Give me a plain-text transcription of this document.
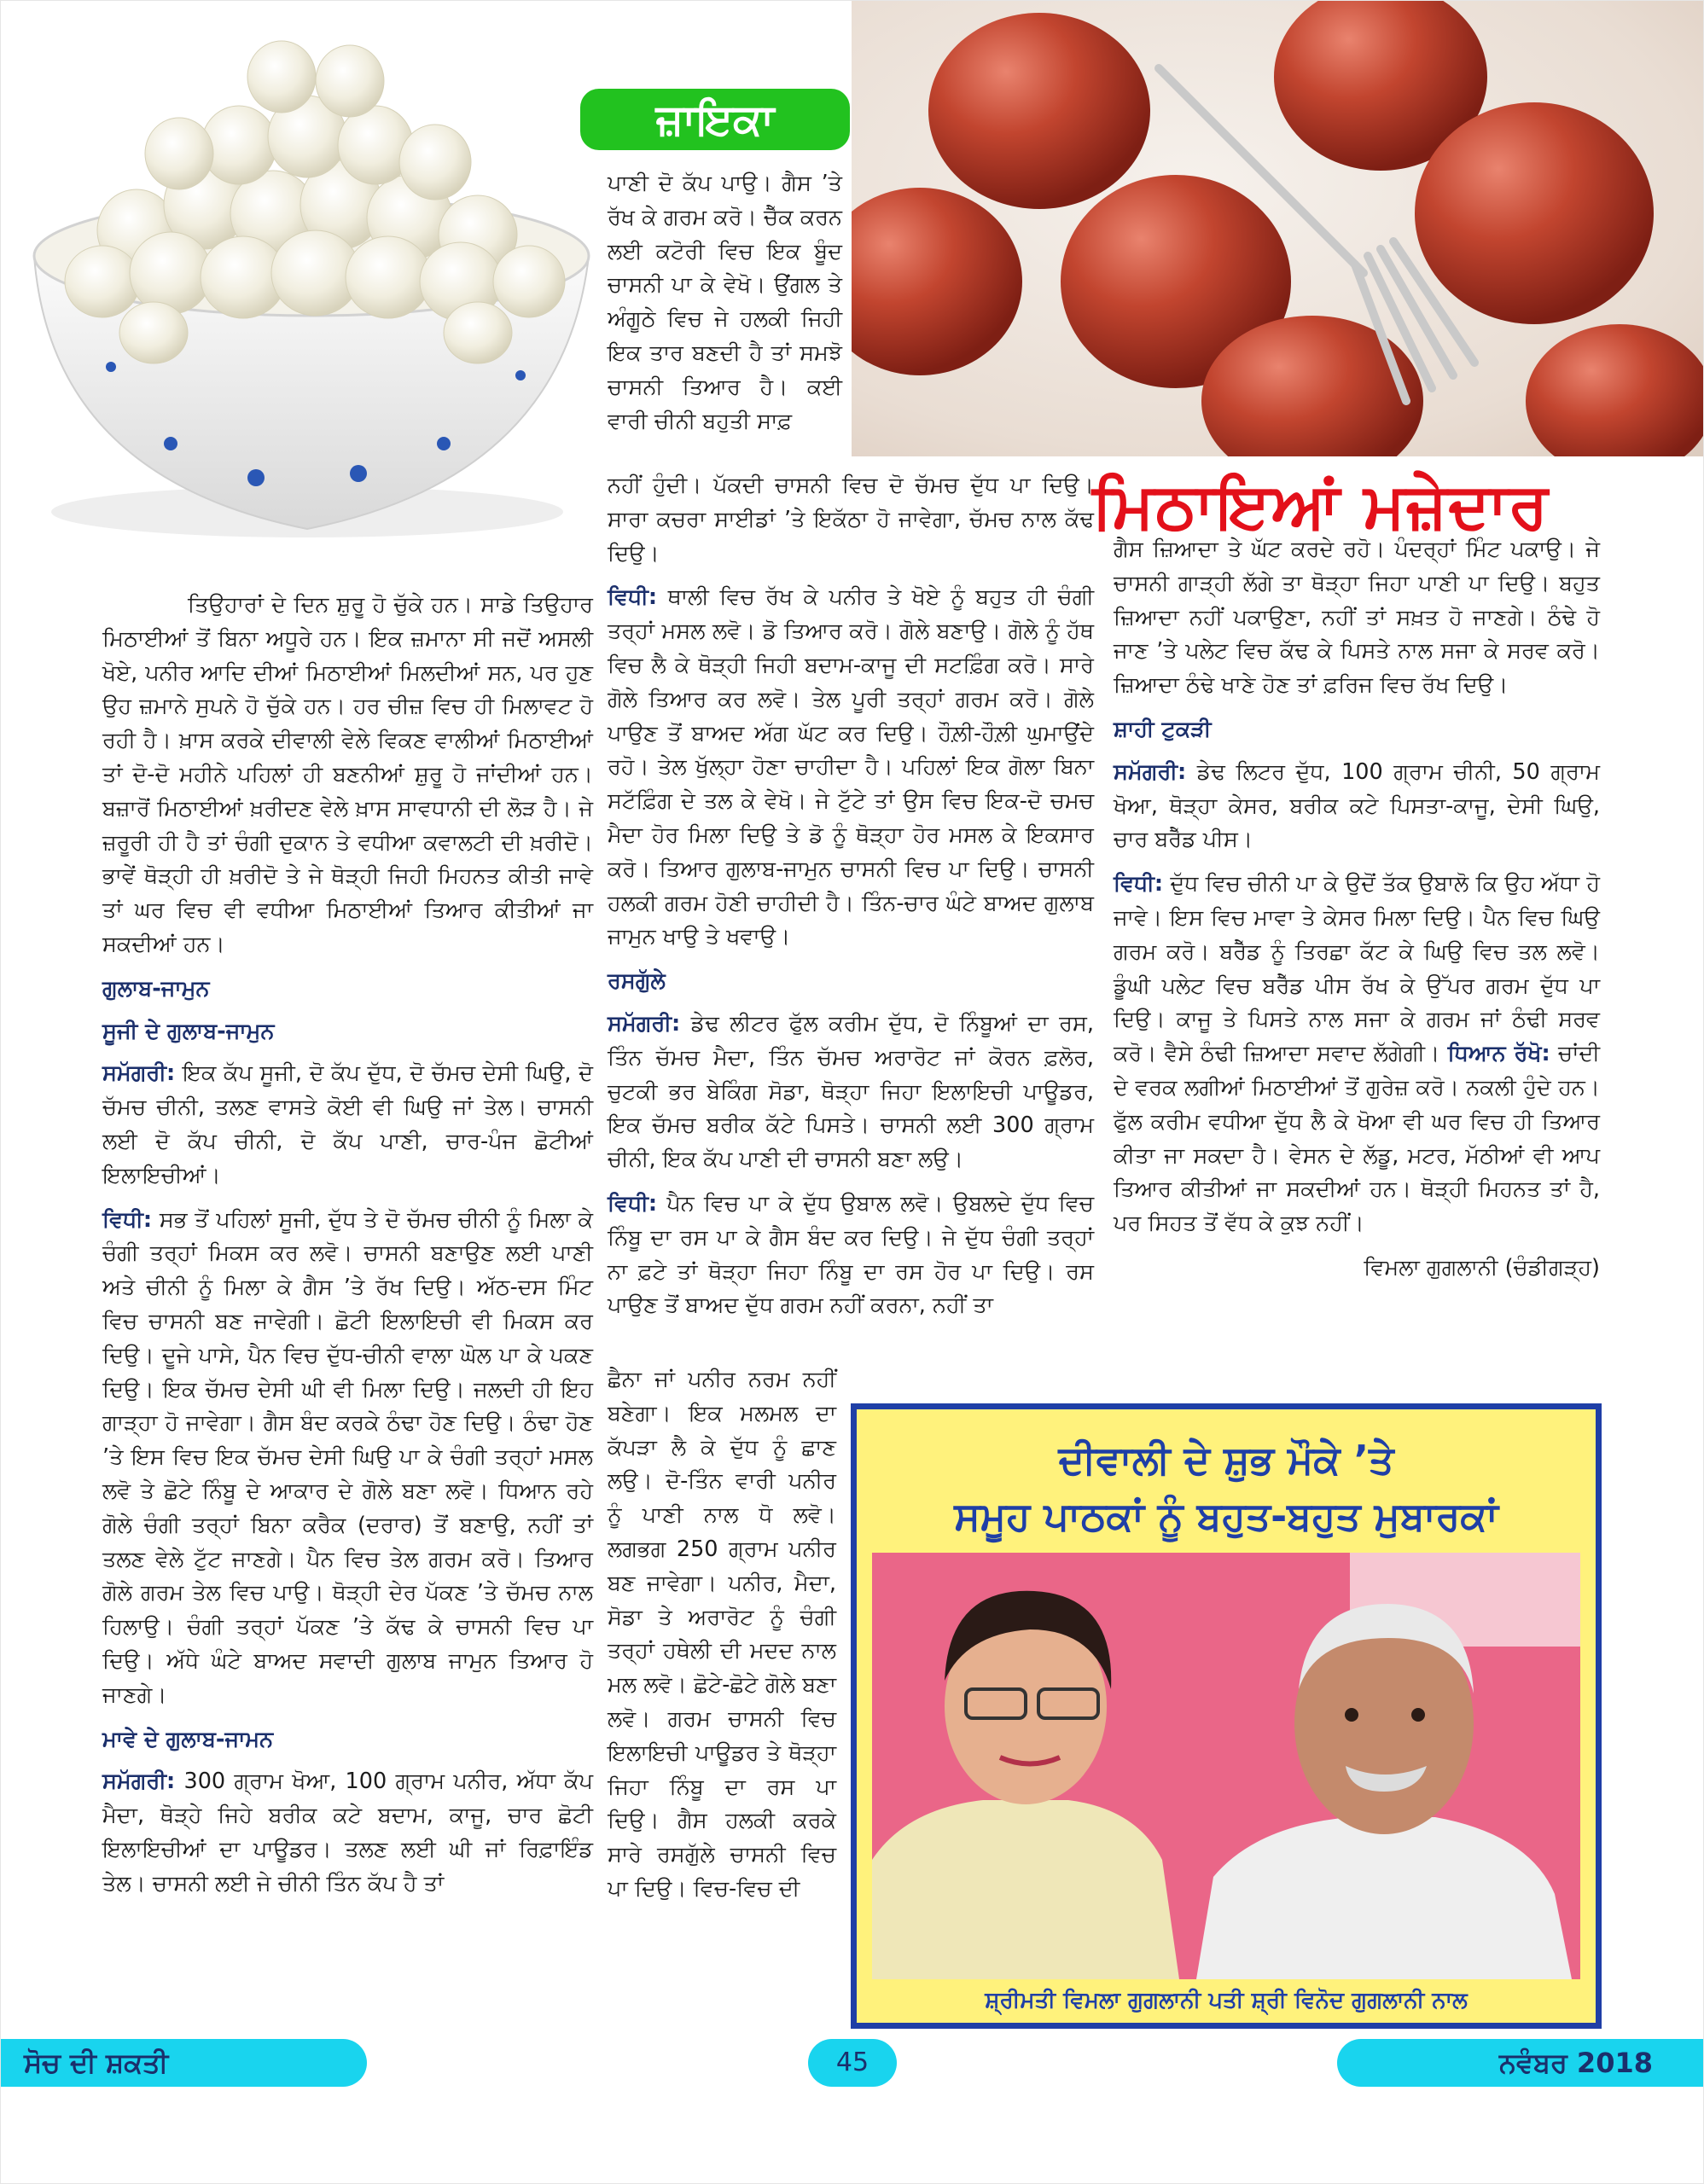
ਜ਼ਾਇਕਾ
ਮਿਠਾਇਆਂ ਮਜ਼ੇਦਾਰ

ਤਿਉਹਾਰਾਂ ਦੇ ਦਿਨ ਸ਼ੁਰੂ ਹੋ ਚੁੱਕੇ ਹਨ। ਸਾਡੇ ਤਿਉਹਾਰ ਮਿਠਾਈਆਂ ਤੋਂ ਬਿਨਾ ਅਧੂਰੇ ਹਨ। ਇਕ ਜ਼ਮਾਨਾ ਸੀ ਜਦੋਂ ਅਸਲੀ ਖੋਏ, ਪਨੀਰ ਆਦਿ ਦੀਆਂ ਮਿਠਾਈਆਂ ਮਿਲਦੀਆਂ ਸਨ, ਪਰ ਹੁਣ ਉਹ ਜ਼ਮਾਨੇ ਸੁਪਨੇ ਹੋ ਚੁੱਕੇ ਹਨ। ਹਰ ਚੀਜ਼ ਵਿਚ ਹੀ ਮਿਲਾਵਟ ਹੋ ਰਹੀ ਹੈ। ਖ਼ਾਸ ਕਰਕੇ ਦੀਵਾਲੀ ਵੇਲੇ ਵਿਕਣ ਵਾਲੀਆਂ ਮਿਠਾਈਆਂ ਤਾਂ ਦੋ-ਦੋ ਮਹੀਨੇ ਪਹਿਲਾਂ ਹੀ ਬਣਨੀਆਂ ਸ਼ੁਰੂ ਹੋ ਜਾਂਦੀਆਂ ਹਨ। ਬਜ਼ਾਰੋਂ ਮਿਠਾਈਆਂ ਖ਼ਰੀਦਣ ਵੇਲੇ ਖ਼ਾਸ ਸਾਵਧਾਨੀ ਦੀ ਲੋੜ ਹੈ। ਜੇ ਜ਼ਰੂਰੀ ਹੀ ਹੈ ਤਾਂ ਚੰਗੀ ਦੁਕਾਨ ਤੇ ਵਧੀਆ ਕਵਾਲਟੀ ਦੀ ਖ਼ਰੀਦੋ। ਭਾਵੇਂ ਥੋੜ੍ਹੀ ਹੀ ਖ਼ਰੀਦੋ ਤੇ ਜੇ ਥੋੜ੍ਹੀ ਜਿਹੀ ਮਿਹਨਤ ਕੀਤੀ ਜਾਵੇ ਤਾਂ ਘਰ ਵਿਚ ਵੀ ਵਧੀਆ ਮਿਠਾਈਆਂ ਤਿਆਰ ਕੀਤੀਆਂ ਜਾ ਸਕਦੀਆਂ ਹਨ।

ਗੁਲਾਬ-ਜਾਮੁਨ

ਸੂਜੀ ਦੇ ਗੁਲਾਬ-ਜਾਮੁਨ

ਸਮੱਗਰੀ: ਇਕ ਕੱਪ ਸੂਜੀ, ਦੋ ਕੱਪ ਦੁੱਧ, ਦੋ ਚੱਮਚ ਦੇਸੀ ਘਿਉ, ਦੋ ਚੱਮਚ ਚੀਨੀ, ਤਲਣ ਵਾਸਤੇ ਕੋਈ ਵੀ ਘਿਉ ਜਾਂ ਤੇਲ। ਚਾਸਨੀ ਲਈ ਦੋ ਕੱਪ ਚੀਨੀ, ਦੋ ਕੱਪ ਪਾਣੀ, ਚਾਰ-ਪੰਜ ਛੋਟੀਆਂ ਇਲਾਇਚੀਆਂ।

ਵਿਧੀ: ਸਭ ਤੋਂ ਪਹਿਲਾਂ ਸੂਜੀ, ਦੁੱਧ ਤੇ ਦੋ ਚੱਮਚ ਚੀਨੀ ਨੂੰ ਮਿਲਾ ਕੇ ਚੰਗੀ ਤਰ੍ਹਾਂ ਮਿਕਸ ਕਰ ਲਵੋ। ਚਾਸਨੀ ਬਣਾਉਣ ਲਈ ਪਾਣੀ ਅਤੇ ਚੀਨੀ ਨੂੰ ਮਿਲਾ ਕੇ ਗੈਸ ’ਤੇ ਰੱਖ ਦਿਉ। ਅੱਠ-ਦਸ ਮਿੰਟ ਵਿਚ ਚਾਸਨੀ ਬਣ ਜਾਵੇਗੀ। ਛੋਟੀ ਇਲਾਇਚੀ ਵੀ ਮਿਕਸ ਕਰ ਦਿਉ। ਦੂਜੇ ਪਾਸੇ, ਪੈਨ ਵਿਚ ਦੁੱਧ-ਚੀਨੀ ਵਾਲਾ ਘੋਲ ਪਾ ਕੇ ਪਕਣ ਦਿਉ। ਇਕ ਚੱਮਚ ਦੇਸੀ ਘੀ ਵੀ ਮਿਲਾ ਦਿਉ। ਜਲਦੀ ਹੀ ਇਹ ਗਾੜ੍ਹਾ ਹੋ ਜਾਵੇਗਾ। ਗੈਸ ਬੰਦ ਕਰਕੇ ਠੰਢਾ ਹੋਣ ਦਿਉ। ਠੰਢਾ ਹੋਣ ’ਤੇ ਇਸ ਵਿਚ ਇਕ ਚੱਮਚ ਦੇਸੀ ਘਿਉ ਪਾ ਕੇ ਚੰਗੀ ਤਰ੍ਹਾਂ ਮਸਲ ਲਵੋ ਤੇ ਛੋਟੇ ਨਿੰਬੂ ਦੇ ਆਕਾਰ ਦੇ ਗੋਲੇ ਬਣਾ ਲਵੋ। ਧਿਆਨ ਰਹੇ ਗੋਲੇ ਚੰਗੀ ਤਰ੍ਹਾਂ ਬਿਨਾ ਕਰੈਕ (ਦਰਾਰ) ਤੋਂ ਬਣਾਉ, ਨਹੀਂ ਤਾਂ ਤਲਣ ਵੇਲੇ ਟੁੱਟ ਜਾਣਗੇ। ਪੈਨ ਵਿਚ ਤੇਲ ਗਰਮ ਕਰੋ। ਤਿਆਰ ਗੋਲੇ ਗਰਮ ਤੇਲ ਵਿਚ ਪਾਉ। ਥੋੜ੍ਹੀ ਦੇਰ ਪੱਕਣ ’ਤੇ ਚੱਮਚ ਨਾਲ ਹਿਲਾਉ। ਚੰਗੀ ਤਰ੍ਹਾਂ ਪੱਕਣ ’ਤੇ ਕੱਢ ਕੇ ਚਾਸਨੀ ਵਿਚ ਪਾ ਦਿਉ। ਅੱਧੇ ਘੰਟੇ ਬਾਅਦ ਸਵਾਦੀ ਗੁਲਾਬ ਜਾਮੁਨ ਤਿਆਰ ਹੋ ਜਾਣਗੇ।

ਮਾਵੇ ਦੇ ਗੁਲਾਬ-ਜਾਮਨ

ਸਮੱਗਰੀ: 300 ਗ੍ਰਾਮ ਖੋਆ, 100 ਗ੍ਰਾਮ ਪਨੀਰ, ਅੱਧਾ ਕੱਪ ਮੈਦਾ, ਥੋੜ੍ਹੇ ਜਿਹੇ ਬਰੀਕ ਕਟੇ ਬਦਾਮ, ਕਾਜੂ, ਚਾਰ ਛੋਟੀ ਇਲਾਇਚੀਆਂ ਦਾ ਪਾਊਡਰ। ਤਲਣ ਲਈ ਘੀ ਜਾਂ ਰਿਫ਼ਾਇੰਡ ਤੇਲ। ਚਾਸਨੀ ਲਈ ਜੇ ਚੀਨੀ ਤਿੰਨ ਕੱਪ ਹੈ ਤਾਂ

ਪਾਣੀ ਦੋ ਕੱਪ ਪਾਉ। ਗੈਸ ’ਤੇ ਰੱਖ ਕੇ ਗਰਮ ਕਰੋ। ਚੈੱਕ ਕਰਨ ਲਈ ਕਟੋਰੀ ਵਿਚ ਇਕ ਬੂੰਦ ਚਾਸਨੀ ਪਾ ਕੇ ਵੇਖੋ। ਉਂਗਲ ਤੇ ਅੰਗੂਠੇ ਵਿਚ ਜੇ ਹਲਕੀ ਜਿਹੀ ਇਕ ਤਾਰ ਬਣਦੀ ਹੈ ਤਾਂ ਸਮਝੋ ਚਾਸਨੀ ਤਿਆਰ ਹੈ। ਕਈ ਵਾਰੀ ਚੀਨੀ ਬਹੁਤੀ ਸਾਫ਼

ਨਹੀਂ ਹੁੰਦੀ। ਪੱਕਦੀ ਚਾਸਨੀ ਵਿਚ ਦੋ ਚੱਮਚ ਦੁੱਧ ਪਾ ਦਿਉ। ਸਾਰਾ ਕਚਰਾ ਸਾਈਡਾਂ ’ਤੇ ਇਕੱਠਾ ਹੋ ਜਾਵੇਗਾ, ਚੱਮਚ ਨਾਲ ਕੱਢ ਦਿਉ।

ਵਿਧੀ: ਥਾਲੀ ਵਿਚ ਰੱਖ ਕੇ ਪਨੀਰ ਤੇ ਖੋਏ ਨੂੰ ਬਹੁਤ ਹੀ ਚੰਗੀ ਤਰ੍ਹਾਂ ਮਸਲ ਲਵੋ। ਡੋ ਤਿਆਰ ਕਰੋ। ਗੋਲੇ ਬਣਾਉ। ਗੋਲੇ ਨੂੰ ਹੱਥ ਵਿਚ ਲੈ ਕੇ ਥੋੜ੍ਹੀ ਜਿਹੀ ਬਦਾਮ-ਕਾਜੂ ਦੀ ਸਟਫ਼ਿੰਗ ਕਰੋ। ਸਾਰੇ ਗੋਲੇ ਤਿਆਰ ਕਰ ਲਵੋ। ਤੇਲ ਪੂਰੀ ਤਰ੍ਹਾਂ ਗਰਮ ਕਰੋ। ਗੋਲੇ ਪਾਉਣ ਤੋਂ ਬਾਅਦ ਅੱਗ ਘੱਟ ਕਰ ਦਿਉ। ਹੌਲ਼ੀ-ਹੌਲ਼ੀ ਘੁਮਾਉਂਦੇ ਰਹੋ। ਤੇਲ ਖੁੱਲ੍ਹਾ ਹੋਣਾ ਚਾਹੀਦਾ ਹੈ। ਪਹਿਲਾਂ ਇਕ ਗੋਲਾ ਬਿਨਾ ਸਟੱਫ਼ਿੰਗ ਦੇ ਤਲ ਕੇ ਵੇਖੋ। ਜੇ ਟੁੱਟੇ ਤਾਂ ਉਸ ਵਿਚ ਇਕ-ਦੋ ਚਮਚ ਮੈਦਾ ਹੋਰ ਮਿਲਾ ਦਿਉ ਤੇ ਡੋ ਨੂੰ ਥੋੜ੍ਹਾ ਹੋਰ ਮਸਲ ਕੇ ਇਕਸਾਰ ਕਰੋ। ਤਿਆਰ ਗੁਲਾਬ-ਜਾਮੁਨ ਚਾਸਨੀ ਵਿਚ ਪਾ ਦਿਉ। ਚਾਸਨੀ ਹਲਕੀ ਗਰਮ ਹੋਣੀ ਚਾਹੀਦੀ ਹੈ। ਤਿੰਨ-ਚਾਰ ਘੰਟੇ ਬਾਅਦ ਗੁਲਾਬ ਜਾਮੁਨ ਖਾਉ ਤੇ ਖਵਾਉ।

ਰਸਗੁੱਲੇ

ਸਮੱਗਰੀ: ਡੇਢ ਲੀਟਰ ਫੁੱਲ ਕਰੀਮ ਦੁੱਧ, ਦੋ ਨਿੰਬੂਆਂ ਦਾ ਰਸ, ਤਿੰਨ ਚੱਮਚ ਮੈਦਾ, ਤਿੰਨ ਚੱਮਚ ਅਰਾਰੋਟ ਜਾਂ ਕੋਰਨ ਫ਼ਲੋਰ, ਚੁਟਕੀ ਭਰ ਬੇਕਿੰਗ ਸੋਡਾ, ਥੋੜ੍ਹਾ ਜਿਹਾ ਇਲਾਇਚੀ ਪਾਊਡਰ, ਇਕ ਚੱਮਚ ਬਰੀਕ ਕੱਟੇ ਪਿਸਤੇ। ਚਾਸਨੀ ਲਈ 300 ਗ੍ਰਾਮ ਚੀਨੀ, ਇਕ ਕੱਪ ਪਾਣੀ ਦੀ ਚਾਸਨੀ ਬਣਾ ਲਉ।

ਵਿਧੀ: ਪੈਨ ਵਿਚ ਪਾ ਕੇ ਦੁੱਧ ਉਬਾਲ ਲਵੋ। ਉਬਲਦੇ ਦੁੱਧ ਵਿਚ ਨਿੰਬੂ ਦਾ ਰਸ ਪਾ ਕੇ ਗੈਸ ਬੰਦ ਕਰ ਦਿਉ। ਜੇ ਦੁੱਧ ਚੰਗੀ ਤਰ੍ਹਾਂ ਨਾ ਫ਼ਟੇ ਤਾਂ ਥੋੜ੍ਹਾ ਜਿਹਾ ਨਿੰਬੂ ਦਾ ਰਸ ਹੋਰ ਪਾ ਦਿਉ। ਰਸ ਪਾਉਣ ਤੋਂ ਬਾਅਦ ਦੁੱਧ ਗਰਮ ਨਹੀਂ ਕਰਨਾ, ਨਹੀਂ ਤਾ

ਛੈਨਾ ਜਾਂ ਪਨੀਰ ਨਰਮ ਨਹੀਂ ਬਣੇਗਾ। ਇਕ ਮਲਮਲ ਦਾ ਕੱਪੜਾ ਲੈ ਕੇ ਦੁੱਧ ਨੂੰ ਛਾਣ ਲਉ। ਦੋ-ਤਿੰਨ ਵਾਰੀ ਪਨੀਰ ਨੂੰ ਪਾਣੀ ਨਾਲ ਧੋ ਲਵੋ। ਲਗਭਗ 250 ਗ੍ਰਾਮ ਪਨੀਰ ਬਣ ਜਾਵੇਗਾ। ਪਨੀਰ, ਮੈਦਾ, ਸੋਡਾ ਤੇ ਅਰਾਰੋਟ ਨੂੰ ਚੰਗੀ ਤਰ੍ਹਾਂ ਹਥੇਲੀ ਦੀ ਮਦਦ ਨਾਲ ਮਲ ਲਵੋ। ਛੋਟੇ-ਛੋਟੇ ਗੋਲੇ ਬਣਾ ਲਵੋ। ਗਰਮ ਚਾਸਨੀ ਵਿਚ ਇਲਾਇਚੀ ਪਾਊਡਰ ਤੇ ਥੋੜ੍ਹਾ ਜਿਹਾ ਨਿੰਬੂ ਦਾ ਰਸ ਪਾ ਦਿਉ। ਗੈਸ ਹਲਕੀ ਕਰਕੇ ਸਾਰੇ ਰਸਗੁੱਲੇ ਚਾਸਨੀ ਵਿਚ ਪਾ ਦਿਉ। ਵਿਚ-ਵਿਚ ਦੀ

ਗੈਸ ਜ਼ਿਆਦਾ ਤੇ ਘੱਟ ਕਰਦੇ ਰਹੋ। ਪੰਦਰ੍ਹਾਂ ਮਿੰਟ ਪਕਾਉ। ਜੇ ਚਾਸਨੀ ਗਾੜ੍ਹੀ ਲੱਗੇ ਤਾ ਥੋੜ੍ਹਾ ਜਿਹਾ ਪਾਣੀ ਪਾ ਦਿਉ। ਬਹੁਤ ਜ਼ਿਆਦਾ ਨਹੀਂ ਪਕਾਉਣਾ, ਨਹੀਂ ਤਾਂ ਸਖ਼ਤ ਹੋ ਜਾਣਗੇ। ਠੰਢੇ ਹੋ ਜਾਣ ’ਤੇ ਪਲੇਟ ਵਿਚ ਕੱਢ ਕੇ ਪਿਸਤੇ ਨਾਲ ਸਜਾ ਕੇ ਸਰਵ ਕਰੋ। ਜ਼ਿਆਦਾ ਠੰਢੇ ਖਾਣੇ ਹੋਣ ਤਾਂ ਫ਼ਰਿਜ ਵਿਚ ਰੱਖ ਦਿਉ।

ਸ਼ਾਹੀ ਟੁਕੜੀ

ਸਮੱਗਰੀ: ਡੇਢ ਲਿਟਰ ਦੁੱਧ, 100 ਗ੍ਰਾਮ ਚੀਨੀ, 50 ਗ੍ਰਾਮ ਖੋਆ, ਥੋੜ੍ਹਾ ਕੇਸਰ, ਬਰੀਕ ਕਟੇ ਪਿਸਤਾ-ਕਾਜੂ, ਦੇਸੀ ਘਿਉ, ਚਾਰ ਬਰੈੱਡ ਪੀਸ।

ਵਿਧੀ: ਦੁੱਧ ਵਿਚ ਚੀਨੀ ਪਾ ਕੇ ਉਦੋਂ ਤੱਕ ਉਬਾਲੋ ਕਿ ਉਹ ਅੱਧਾ ਹੋ ਜਾਵੇ। ਇਸ ਵਿਚ ਮਾਵਾ ਤੇ ਕੇਸਰ ਮਿਲਾ ਦਿਉ। ਪੈਨ ਵਿਚ ਘਿਉ ਗਰਮ ਕਰੋ। ਬਰੈੱਡ ਨੂੰ ਤਿਰਛਾ ਕੱਟ ਕੇ ਘਿਉ ਵਿਚ ਤਲ ਲਵੋ। ਡੂੰਘੀ ਪਲੇਟ ਵਿਚ ਬਰੈੱਡ ਪੀਸ ਰੱਖ ਕੇ ਉੱਪਰ ਗਰਮ ਦੁੱਧ ਪਾ ਦਿਉ। ਕਾਜੂ ਤੇ ਪਿਸਤੇ ਨਾਲ ਸਜਾ ਕੇ ਗਰਮ ਜਾਂ ਠੰਢੀ ਸਰਵ ਕਰੋ। ਵੈਸੇ ਠੰਢੀ ਜ਼ਿਆਦਾ ਸਵਾਦ ਲੱਗੇਗੀ। ਧਿਆਨ ਰੱਖੋ: ਚਾਂਦੀ ਦੇ ਵਰਕ ਲਗੀਆਂ ਮਿਠਾਈਆਂ ਤੋਂ ਗੁਰੇਜ਼ ਕਰੋ। ਨਕਲੀ ਹੁੰਦੇ ਹਨ। ਫੁੱਲ ਕਰੀਮ ਵਧੀਆ ਦੁੱਧ ਲੈ ਕੇ ਖੋਆ ਵੀ ਘਰ ਵਿਚ ਹੀ ਤਿਆਰ ਕੀਤਾ ਜਾ ਸਕਦਾ ਹੈ। ਵੇਸਨ ਦੇ ਲੱਡੂ, ਮਟਰ, ਮੱਠੀਆਂ ਵੀ ਆਪ ਤਿਆਰ ਕੀਤੀਆਂ ਜਾ ਸਕਦੀਆਂ ਹਨ। ਥੋੜ੍ਹੀ ਮਿਹਨਤ ਤਾਂ ਹੈ, ਪਰ ਸਿਹਤ ਤੋਂ ਵੱਧ ਕੇ ਕੁਝ ਨਹੀਂ।

ਵਿਮਲਾ ਗੁਗਲਾਨੀ (ਚੰਡੀਗੜ੍ਹ)

ਦੀਵਾਲੀ ਦੇ ਸ਼ੁਭ ਮੌਕੇ ’ਤੇ
ਸਮੂਹ ਪਾਠਕਾਂ ਨੂੰ ਬਹੁਤ-ਬਹੁਤ ਮੁਬਾਰਕਾਂ
ਸ਼੍ਰੀਮਤੀ ਵਿਮਲਾ ਗੁਗਲਾਨੀ ਪਤੀ ਸ਼੍ਰੀ ਵਿਨੋਦ ਗੁਗਲਾਨੀ ਨਾਲ
ਸੋਚ ਦੀ ਸ਼ਕਤੀ	45	ਨਵੰਬਰ 2018
